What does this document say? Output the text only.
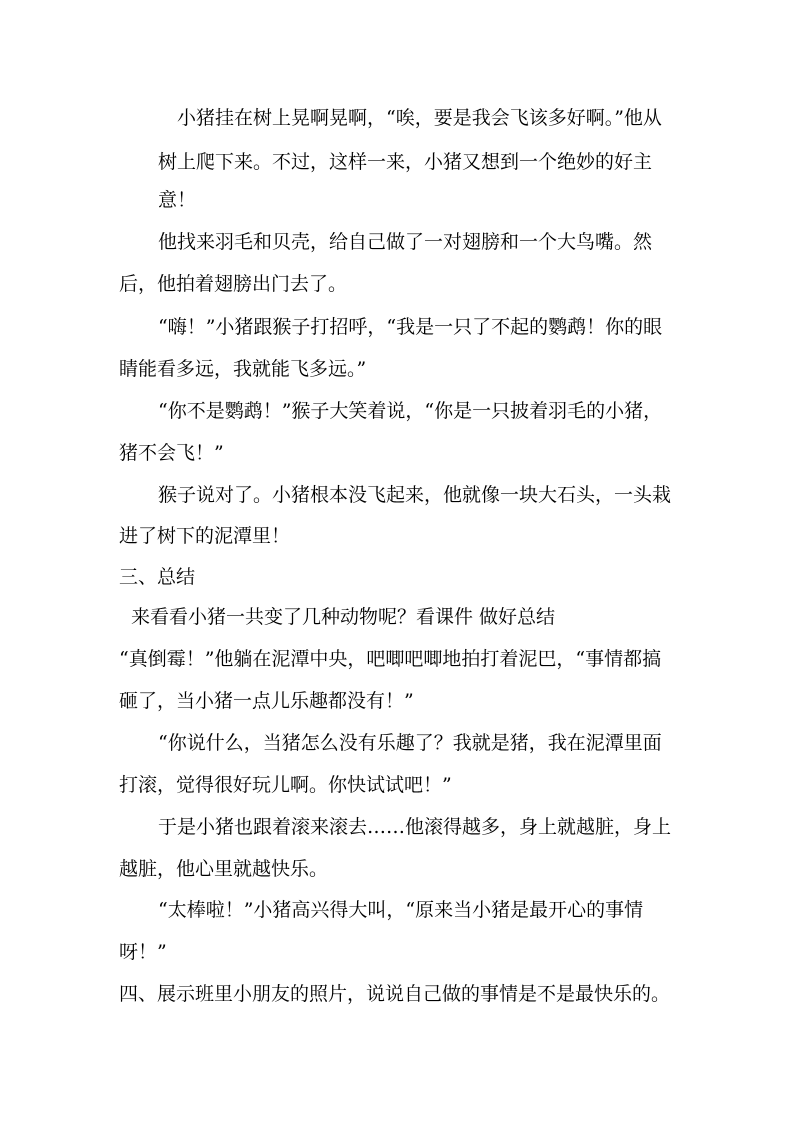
小猪挂在树上晃啊晃啊，“唉，要是我会飞该多好啊。”他从
树上爬下来。不过，这样一来，小猪又想到一个绝妙的好主
意！
他找来羽毛和贝壳，给自己做了一对翅膀和一个大鸟嘴。然
后，他拍着翅膀出门去了。
“嗨！”小猪跟猴子打招呼，“我是一只了不起的鹦鹉！你的眼
睛能看多远，我就能飞多远。”
“你不是鹦鹉！”猴子大笑着说，“你是一只披着羽毛的小猪，
猪不会飞！”
猴子说对了。小猪根本没飞起来，他就像一块大石头，一头栽
进了树下的泥潭里！
三、总结
来看看小猪一共变了几种动物呢？看课件 做好总结
“真倒霉！”他躺在泥潭中央，吧唧吧唧地拍打着泥巴，“事情都搞
砸了，当小猪一点儿乐趣都没有！”
“你说什么，当猪怎么没有乐趣了？我就是猪，我在泥潭里面
打滚，觉得很好玩儿啊。你快试试吧！”
于是小猪也跟着滚来滚去……他滚得越多，身上就越脏，身上
越脏，他心里就越快乐。
“太棒啦！”小猪高兴得大叫，“原来当小猪是最开心的事情
呀！”
四、展示班里小朋友的照片，说说自己做的事情是不是最快乐的。
